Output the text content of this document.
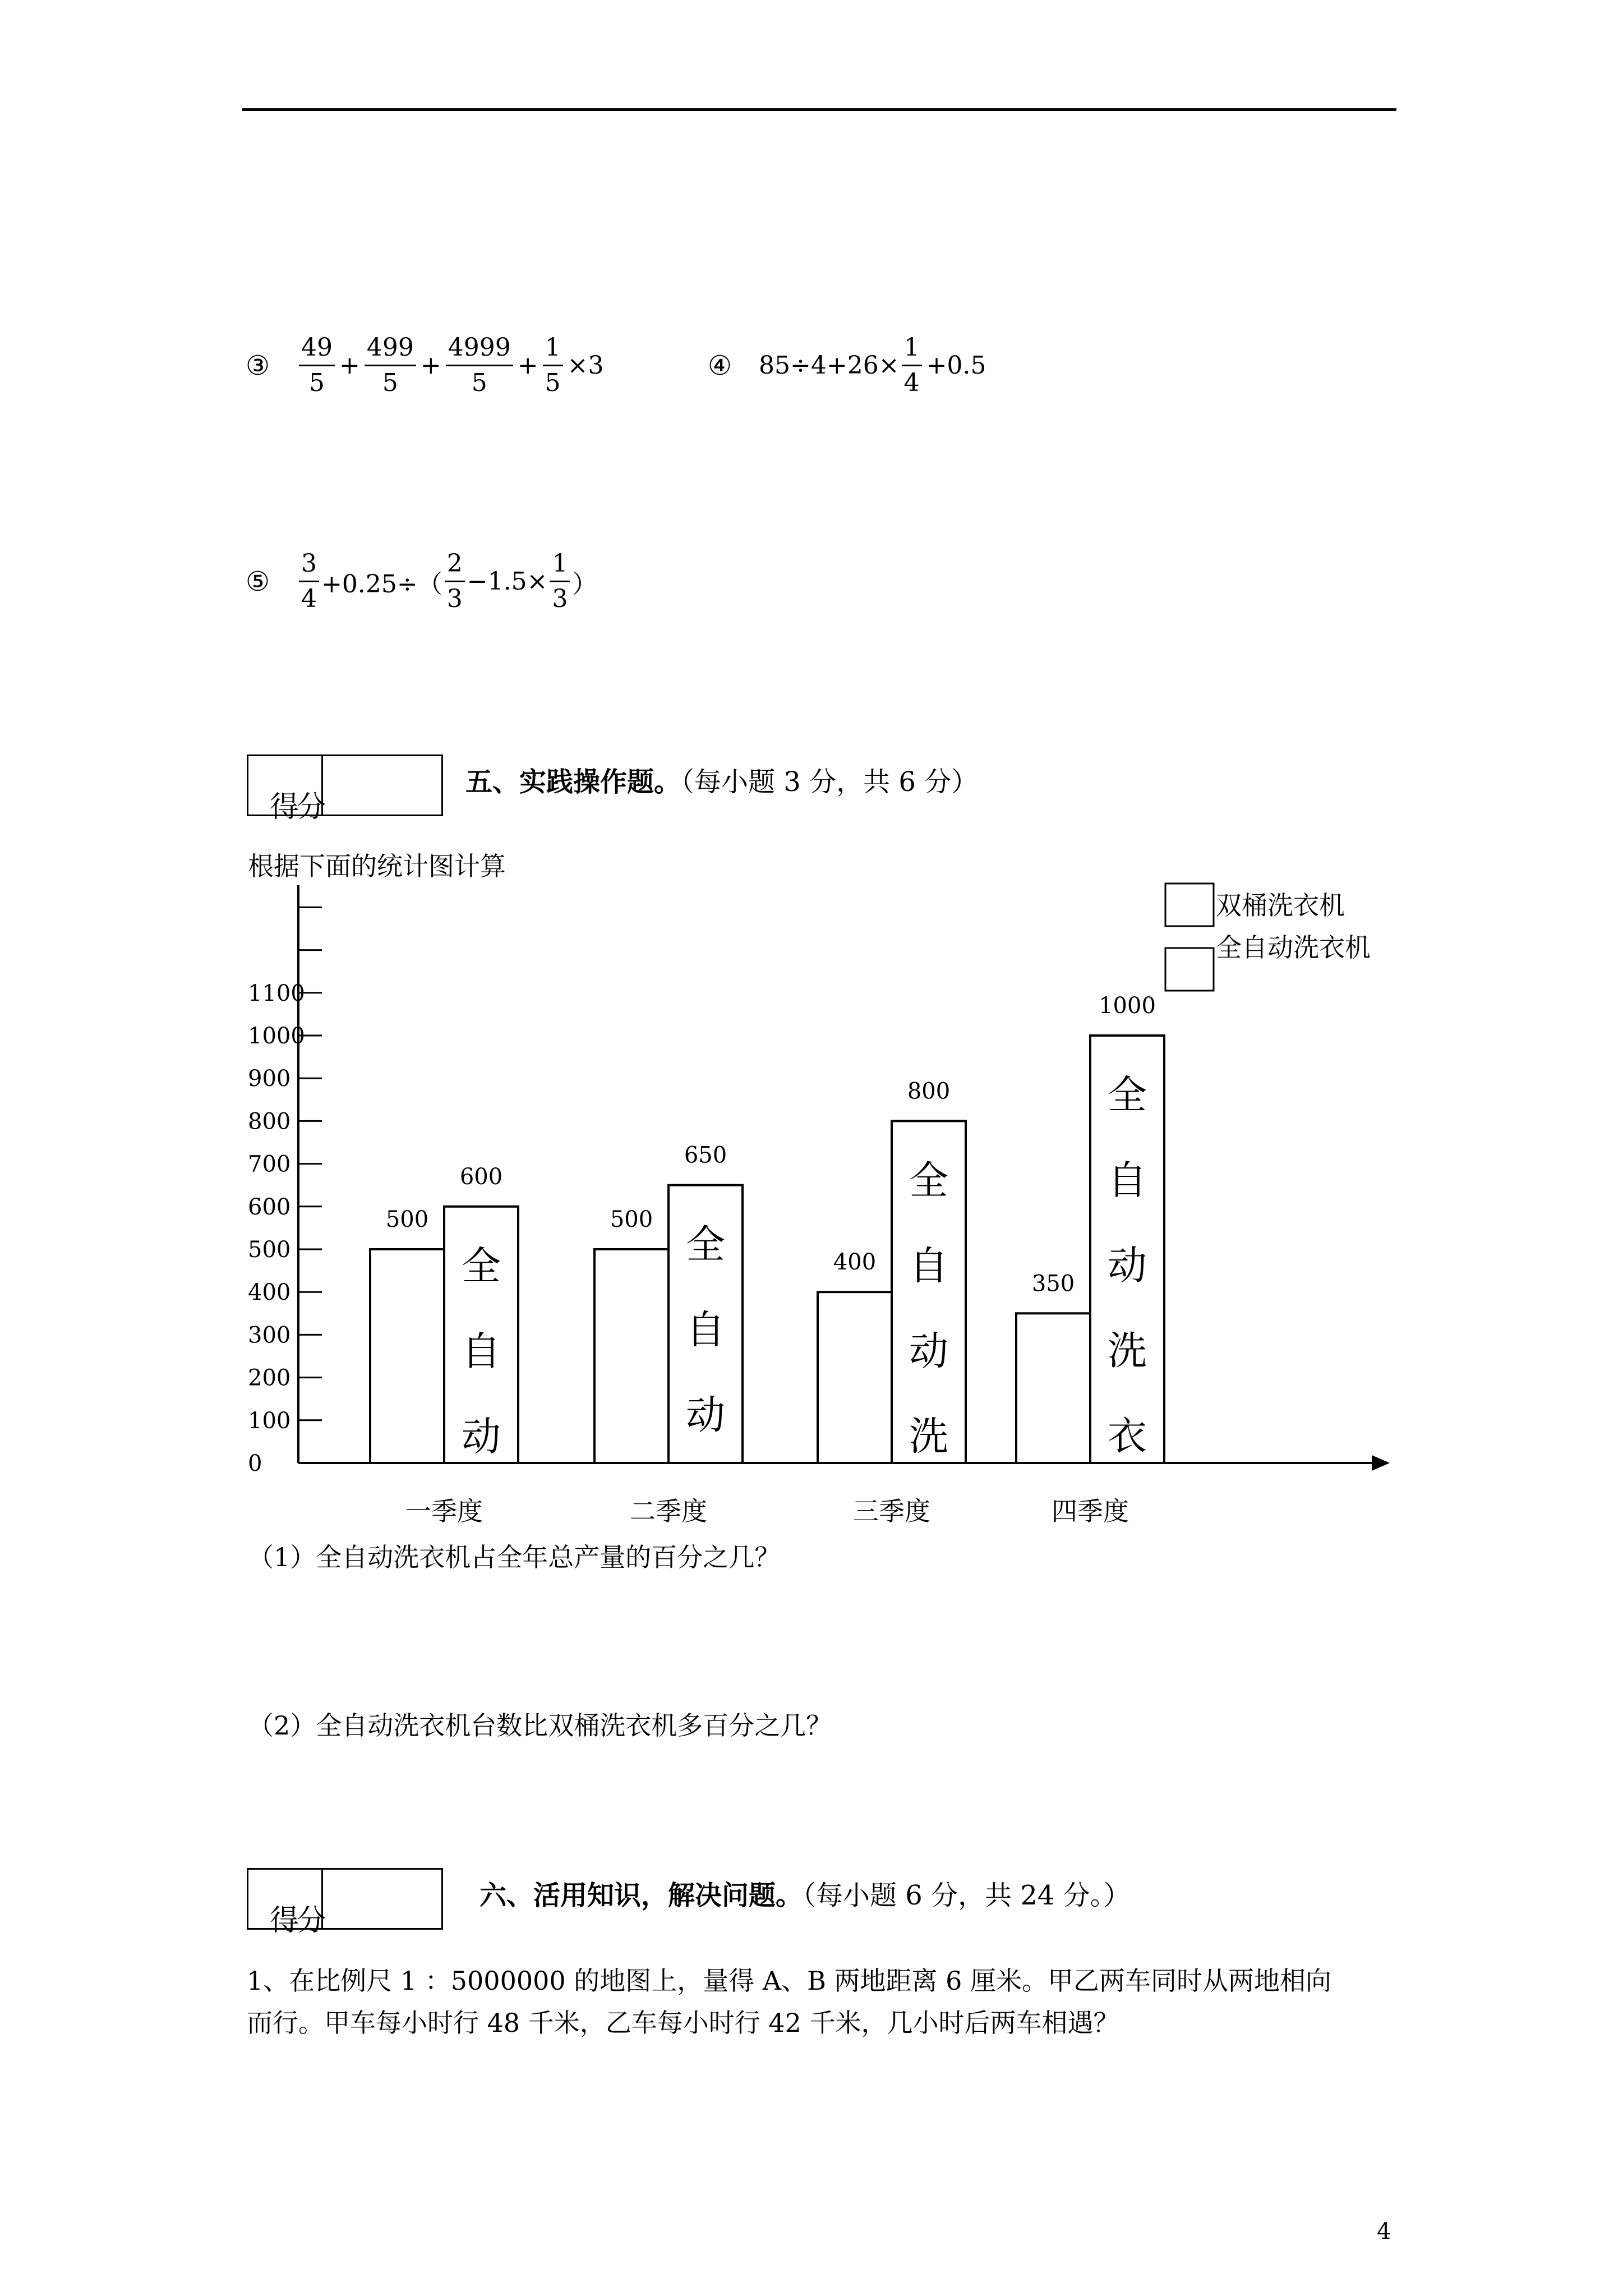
③ $\frac{49}{5} + \frac{499}{5} + \frac{4999}{5} + \frac{1}{5} \times 3$	④ $85\div 4+26\times \frac{1}{4} +0.5$
⑤ $\frac{3}{4} +0.25\div( \frac{2}{3} -1.5\times \frac{1}{3}$ ）
得分
五、实践操作题。（每小题 3 分，共 6 分）
根据下面的统计图计算
0
100
200
300
400
500
600
700
800
900
1000
1100
500
600
全
自
动
一季度
500
650
全
自
动
二季度
400
800
全
自
动
洗
三季度
350
1000
全
自
动
洗
衣
四季度
双桶洗衣机
全自动洗衣机
（1）全自动洗衣机占全年总产量的百分之几？
（2）全自动洗衣机台数比双桶洗衣机多百分之几？
得分
六、活用知识，解决问题。（每小题 6 分，共 24 分。）
1、在比例尺 1 ：5000000 的地图上，量得 A、B 两地距离 6 厘米。甲乙两车同时从两地相向
而行。甲车每小时行 48 千米，乙车每小时行 42 千米，几小时后两车相遇？
4
